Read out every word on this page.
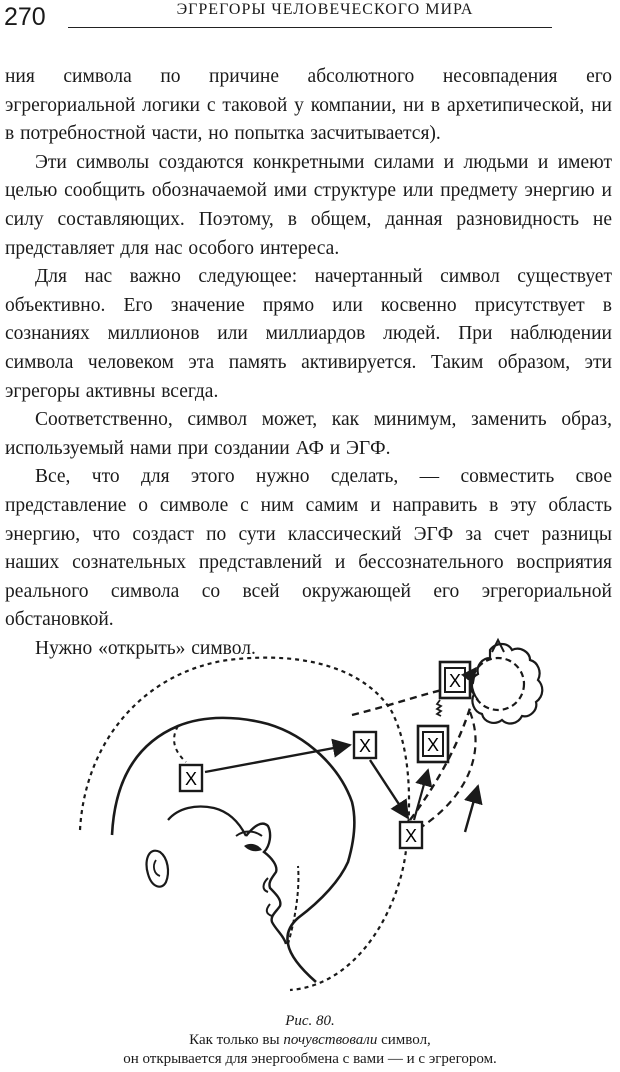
270	ЭГРЕГОРЫ ЧЕЛОВЕЧЕСКОГО МИРА

ния символа по причине абсолютного несовпадения его эгрегориальной логики с таковой у компании, ни в архетипической, ни в потребностной части, но попытка засчитывается).

Эти символы создаются конкретными силами и людьми и имеют целью сообщить обозначаемой ими структуре или предмету энергию и силу составляющих. Поэтому, в общем, данная разновидность не представляет для нас особого интереса.

Для нас важно следующее: начертанный символ существует объективно. Его значение прямо или косвенно присутствует в сознаниях миллионов или миллиардов людей. При наблюдении символа человеком эта память активируется. Таким образом, эти эгрегоры активны всегда.

Соответственно, символ может, как минимум, заменить образ, используемый нами при создании АФ и ЭГФ.

Все, что для этого нужно сделать, — совместить свое представление о символе с ним самим и направить в эту область энергию, что создаст по сути классический ЭГФ за счет разницы наших сознательных представлений и бессознательного восприятия реального символа со всей окружающей его эгрегориальной обстановкой.

Нужно «открыть» символ.

X
X
X
X
X
Рис. 80.
Как только вы почувствовали символ,
он открывается для энергообмена с вами — и с эгрегором.
